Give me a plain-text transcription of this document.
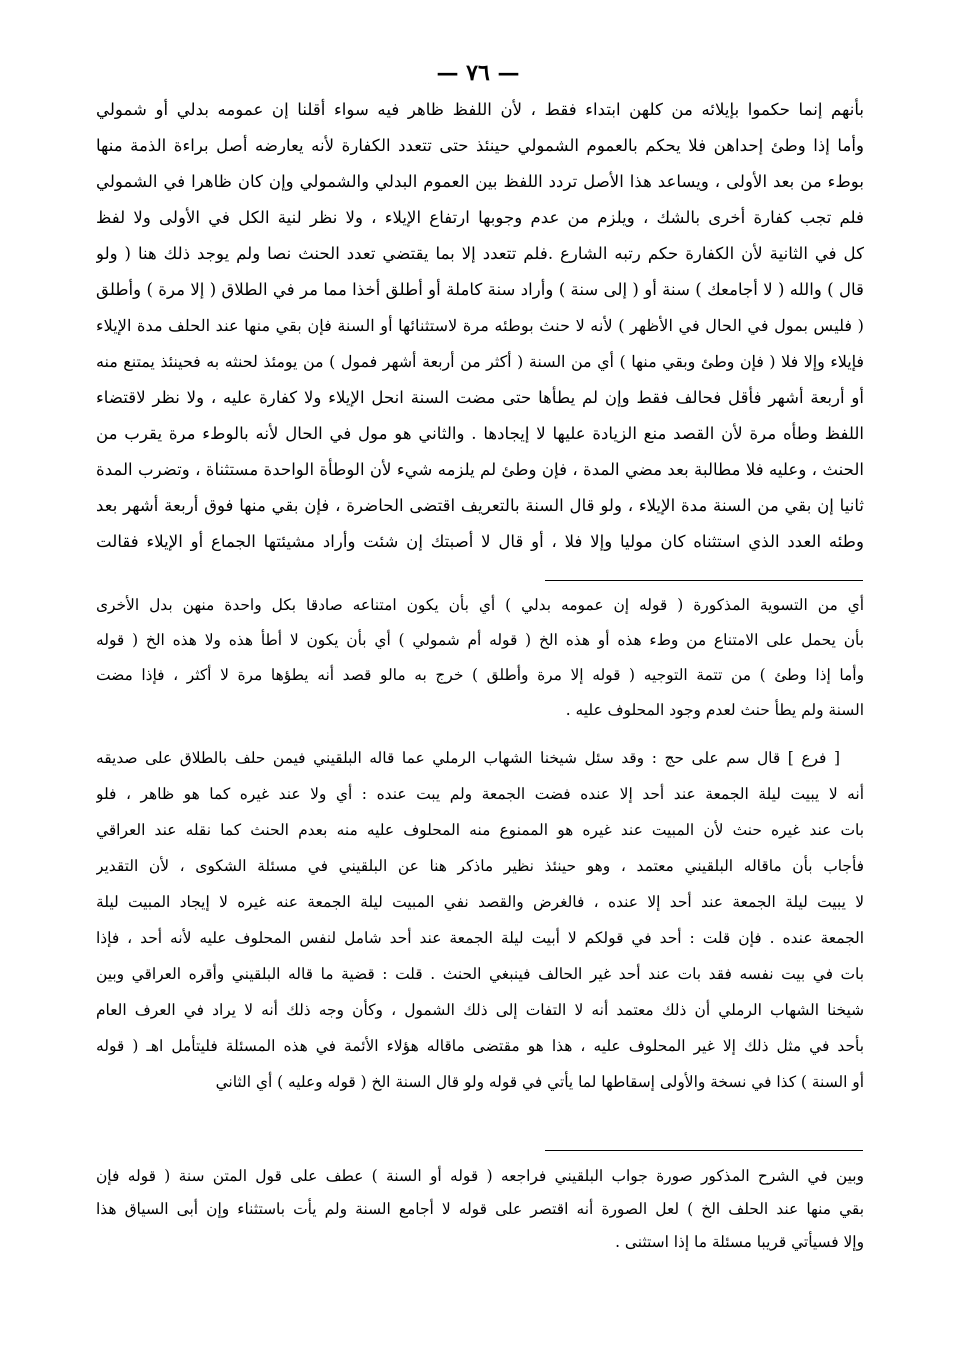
— ٧٦ —
بأنهم إنما حكموا بإيلائه من كلهن ابتداء فقط ، لأن اللفظ ظاهر فيه سواء أقلنا إن عمومه بدلي أو شمولي
وأما إذا وطئ إحداهن فلا يحكم بالعموم الشمولي حينئذ حتى تتعدد الكفارة لأنه يعارضه أصل براءة الذمة منها
بوطء من بعد الأولى ، ويساعد هذا الأصل تردد اللفظ بين العموم البدلي والشمولي وإن كان ظاهرا في الشمولي
فلم تجب كفارة أخرى بالشك ، ويلزم من عدم وجوبها ارتفاع الإيلاء ، ولا نظر لنية الكل في الأولى ولا لفظ
كل في الثانية لأن الكفارة حكم رتبه الشارع .فلم تتعدد إلا بما يقتضي تعدد الحنث نصا ولم يوجد ذلك هنا ( ولو
قال ) والله ( لا أجامعك ) سنة أو ( إلى سنة ) وأراد سنة كاملة أو أطلق أخذا مما مر في الطلاق ( إلا مرة ) وأطلق
( فليس بمول في الحال في الأظهر ) لأنه لا حنث بوطئه مرة لاستثنائها أو السنة فإن بقي منها عند الحلف مدة الإيلاء
فإيلاء وإلا فلا ( فإن وطئ وبقي منها ) أي من السنة ( أكثر من أربعة أشهر فمول ) من يومئذ لحنثه به فحينئذ يمتنع منه
أو أربعة أشهر فأقل فحالف فقط وإن لم يطأها حتى مضت السنة انحل الإيلاء ولا كفارة عليه ، ولا نظر لاقتضاء
اللفظ وطأه مرة لأن القصد منع الزيادة عليها لا إيجادها . والثاني هو مول في الحال لأنه بالوطء مرة يقرب من
الحنث ، وعليه فلا مطالبة بعد مضي المدة ، فإن وطئ لم يلزمه شيء لأن الوطأة الواحدة مستثناة ، وتضرب المدة
ثانيا إن بقي من السنة مدة الإيلاء ، ولو قال السنة بالتعريف اقتضى الحاضرة ، فإن بقي منها فوق أربعة أشهر بعد
وطئه العدد الذي استثناه كان موليا وإلا فلا ، أو قال لا أصبتك إن شئت وأراد مشيئتها الجماع أو الإيلاء فقالت
أي من التسوية المذكورة ( قوله إن عمومه بدلي ) أي بأن يكون امتناعه صادقا بكل واحدة منهن بدل الأخرى
بأن يحمل على الامتناع من وطء هذه أو هذه الخ ( قوله أم شمولي ) أي بأن يكون لا أطأ هذه ولا هذه الخ ( قوله
وأما إذا وطئ ) من تتمة التوجيه ( قوله إلا مرة وأطلق ) خرج به مالو قصد أنه يطؤها مرة لا أكثر ، فإذا مضت
السنة ولم يطأ حنث لعدم وجود المحلوف عليه .
[ فرع ] قال سم على حج : وقد سئل شيخنا الشهاب الرملي عما قاله البلقيني فيمن حلف بالطلاق على صديقه
أنه لا يبيت ليلة الجمعة عند أحد إلا عنده فضت الجمعة ولم يبت عنده : أي ولا عند غيره كما هو ظاهر ، فلو
بات عند غيره حنث لأن المبيت عند غيره هو الممنوع منه المحلوف عليه منه بعدم الحنث كما نقله عند العراقي
فأجاب بأن ماقاله البلقيني معتمد ، وهو حينئذ نظير ماذكر هنا عن البلقيني في مسئلة الشكوى ، لأن التقدير
لا يبيت ليلة الجمعة عند أحد إلا عنده ، فالغرض والقصد نفي المبيت ليلة الجمعة عنه غيره لا إيجاد المبيت ليلة
الجمعة عنده . فإن قلت : أحد في قولكم لا أبيت ليلة الجمعة عند أحد شامل لنفس المحلوف عليه لأنه أحد ، فإذا
بات في بيت نفسه فقد بات عند أحد غير الحالف فينبغي الحنث . قلت : قضية ما قاله البلقيني وأقره العراقي وبين
شيخنا الشهاب الرملي أن ذلك معتمد أنه لا التفات إلى ذلك الشمول ، وكأن وجه ذلك أنه لا يراد في العرف العام
بأحد في مثل ذلك إلا غير المحلوف عليه ، هذا هو مقتضى ماقاله هؤلاء الأئمة في هذه المسئلة فليتأمل اهـ ( قوله
أو السنة ) كذا في نسخة والأولى إسقاطها لما يأتي في قوله ولو قال السنة الخ ( قوله وعليه ) أي الثاني
وبين في الشرح المذكور صورة جواب البلقيني فراجعه ( قوله أو السنة ) عطف على قول المتن سنة ( قوله فإن
بقي منها عند الحلف الخ ) لعل الصورة أنه اقتصر على قوله لا أجامع السنة ولم يأت باستثناء وإن أبى السياق هذا
وإلا فسيأتي قريبا مسئلة ما إذا استثنى .
